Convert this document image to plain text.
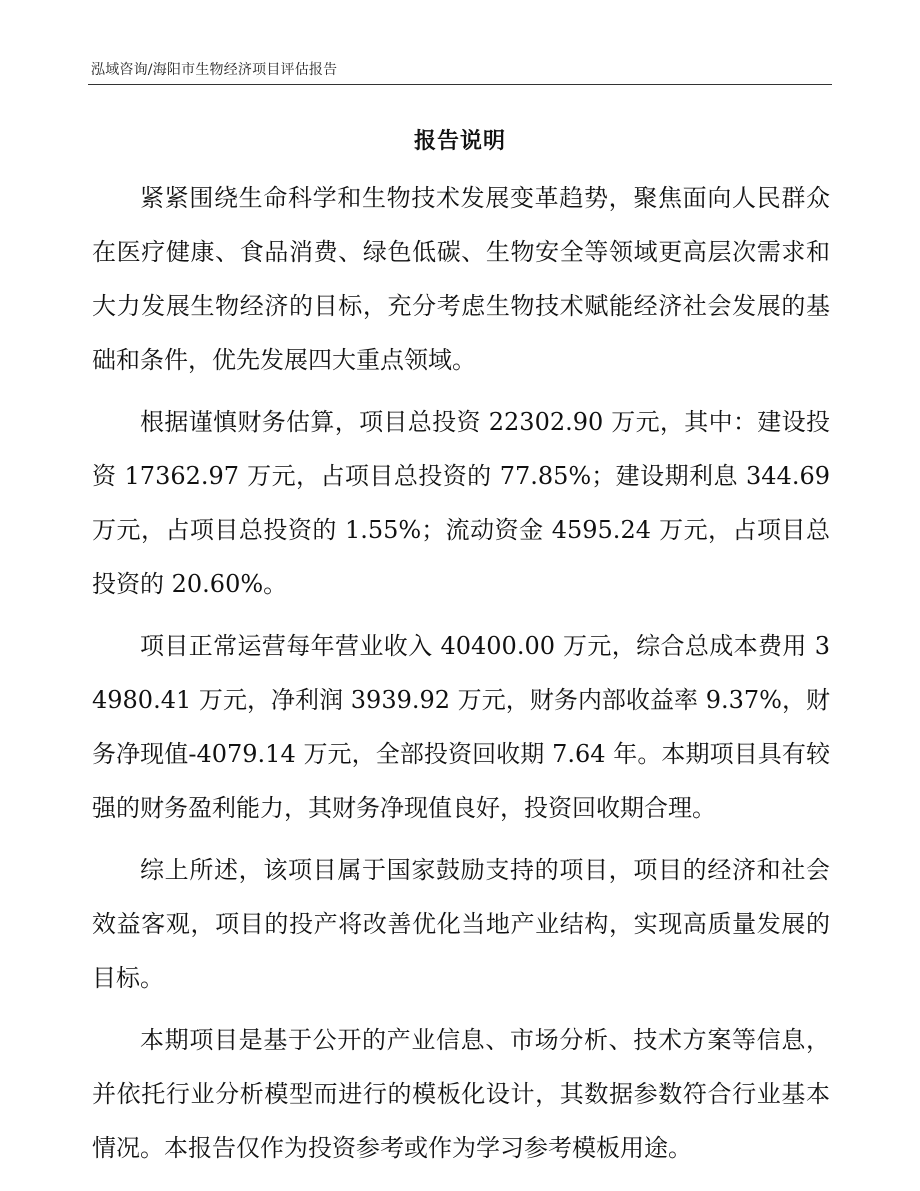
泓域咨询/海阳市生物经济项目评估报告
报告说明

紧紧围绕生命科学和生物技术发展变革趋势，聚焦面向人民群众在医疗健康、食品消费、绿色低碳、生物安全等领域更高层次需求和大力发展生物经济的目标，充分考虑生物技术赋能经济社会发展的基础和条件，优先发展四大重点领域。

根据谨慎财务估算，项目总投资 22302.90 万元，其中：建设投资 17362.97 万元，占项目总投资的 77.85%；建设期利息 344.69 万元，占项目总投资的 1.55%；流动资金 4595.24 万元，占项目总投资的 20.60%。

项目正常运营每年营业收入 40400.00 万元，综合总成本费用 34980.41 万元，净利润 3939.92 万元，财务内部收益率 9.37%，财务净现值-4079.14 万元，全部投资回收期 7.64 年。本期项目具有较强的财务盈利能力，其财务净现值良好，投资回收期合理。

综上所述，该项目属于国家鼓励支持的项目，项目的经济和社会效益客观，项目的投产将改善优化当地产业结构，实现高质量发展的目标。

本期项目是基于公开的产业信息、市场分析、技术方案等信息，并依托行业分析模型而进行的模板化设计，其数据参数符合行业基本情况。本报告仅作为投资参考或作为学习参考模板用途。
